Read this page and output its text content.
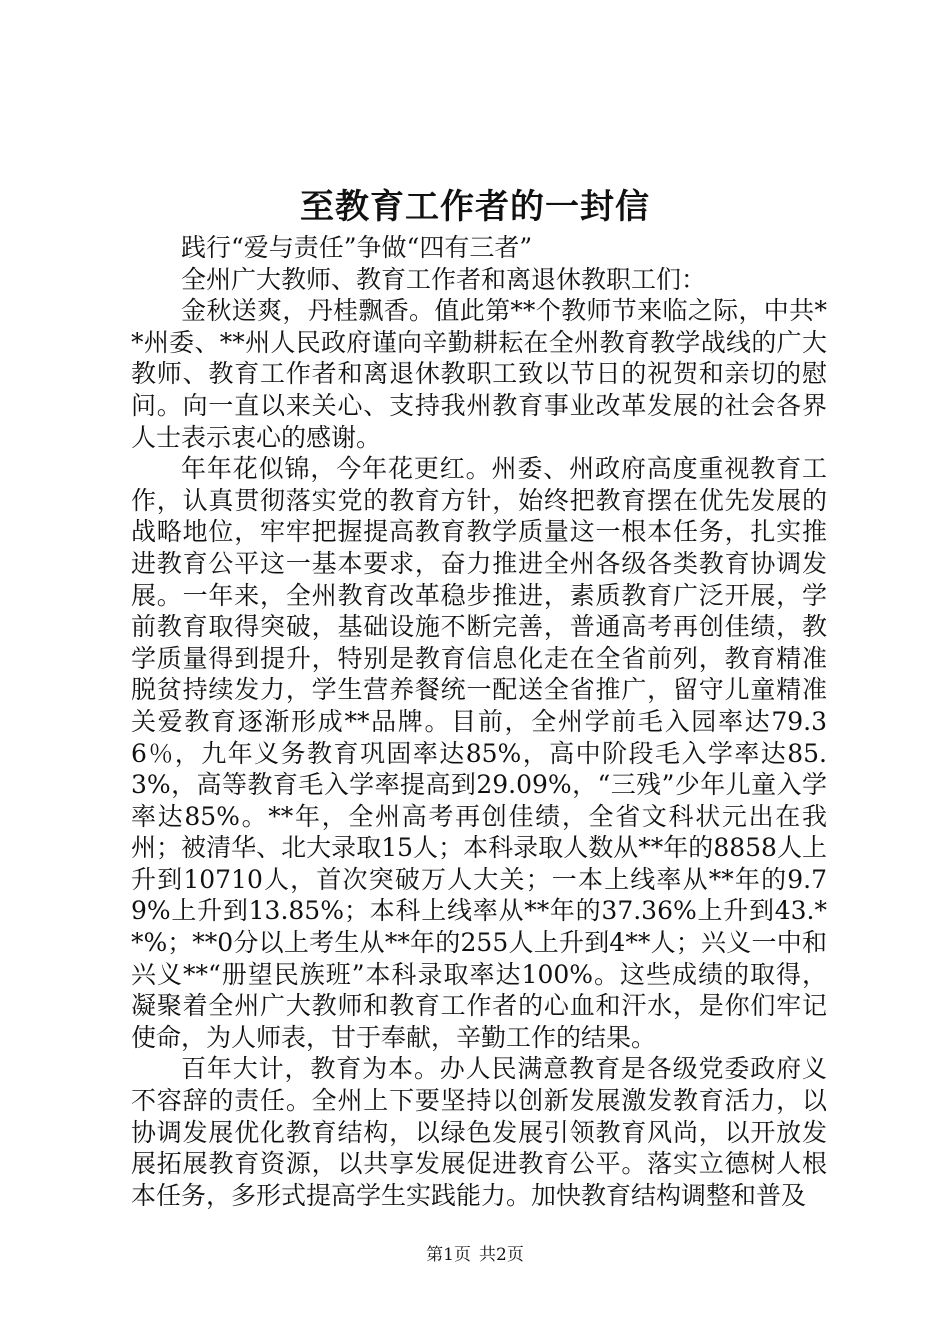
至教育工作者的一封信

践行“爱与责任”争做“四有三者”

全州广大教师、教育工作者和离退休教职工们：

金秋送爽，丹桂飘香。值此第**个教师节来临之际，中共**州委、**州人民政府谨向辛勤耕耘在全州教育教学战线的广大教师、教育工作者和离退休教职工致以节日的祝贺和亲切的慰问。向一直以来关心、支持我州教育事业改革发展的社会各界人士表示衷心的感谢。

年年花似锦，今年花更红。州委、州政府高度重视教育工作，认真贯彻落实党的教育方针，始终把教育摆在优先发展的战略地位，牢牢把握提高教育教学质量这一根本任务，扎实推进教育公平这一基本要求，奋力推进全州各级各类教育协调发展。一年来，全州教育改革稳步推进，素质教育广泛开展，学前教育取得突破，基础设施不断完善，普通高考再创佳绩，教学质量得到提升，特别是教育信息化走在全省前列，教育精准脱贫持续发力，学生营养餐统一配送全省推广，留守儿童精准关爱教育逐渐形成**品牌。目前，全州学前毛入园率达79.36％，九年义务教育巩固率达85%，高中阶段毛入学率达85.3%，高等教育毛入学率提高到29.09%，“三残”少年儿童入学率达85%。**年，全州高考再创佳绩，全省文科状元出在我州；被清华、北大录取15人；本科录取人数从**年的8858人上升到10710人，首次突破万人大关；一本上线率从**年的9.79%上升到13.85%；本科上线率从**年的37.36%上升到43.**%；**0分以上考生从**年的255人上升到4**人；兴义一中和兴义**“册望民族班”本科录取率达100%。这些成绩的取得，凝聚着全州广大教师和教育工作者的心血和汗水，是你们牢记使命，为人师表，甘于奉献，辛勤工作的结果。

百年大计，教育为本。办人民满意教育是各级党委政府义不容辞的责任。全州上下要坚持以创新发展激发教育活力，以协调发展优化教育结构，以绿色发展引领教育风尚，以开放发展拓展教育资源，以共享发展促进教育公平。落实立德树人根本任务，多形式提高学生实践能力。加快教育结构调整和普及

第1页 共2页
